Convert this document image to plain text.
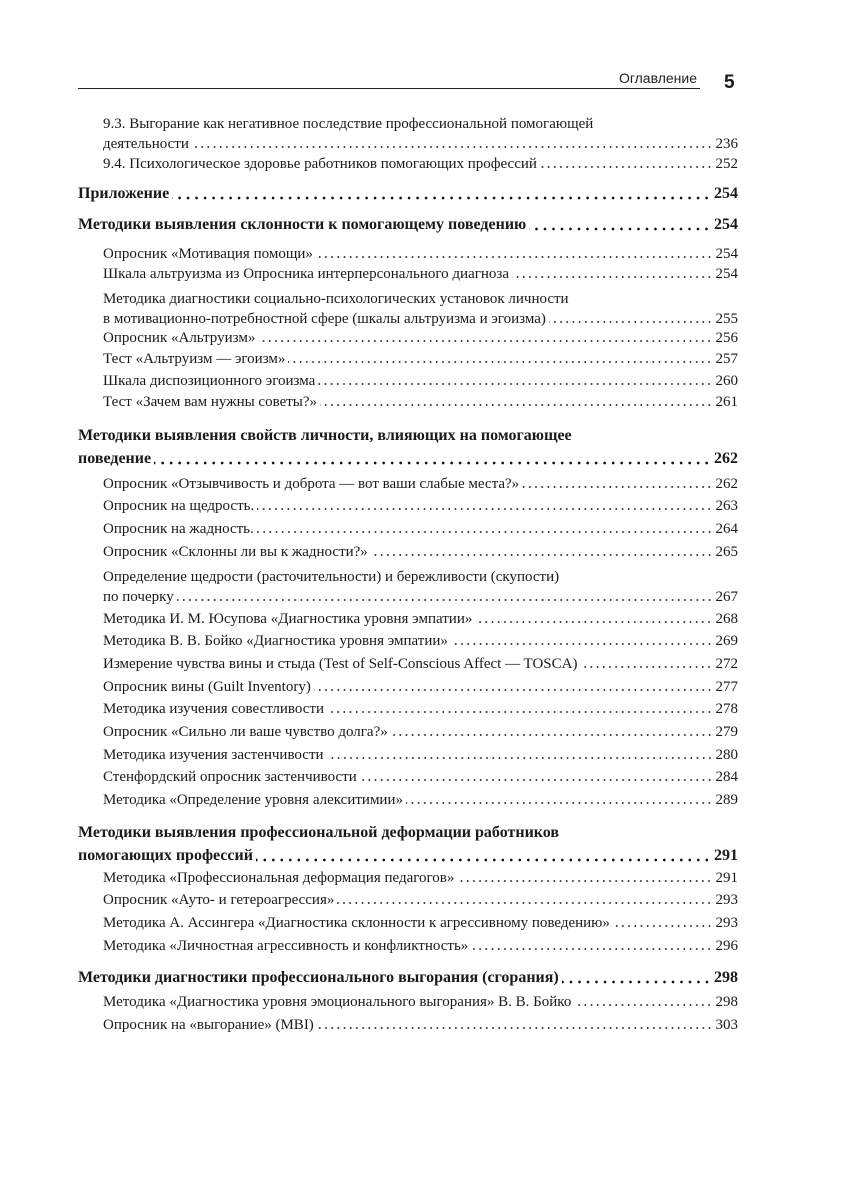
Оглавление 5
9.3. Выгорание как негативное последствие профессиональной помогающей
деятельности	236
9.4. Психологическое здоровье работников помогающих профессий	252
Приложение	254
Методики выявления склонности к помогающему поведению	254
Опросник «Мотивация помощи»	254
Шкала альтруизма из Опросника интерперсонального диагноза	254
Методика диагностики социально-психологических установок личности
в мотивационно-потребностной сфере (шкалы альтруизма и эгоизма)	255
Опросник «Альтруизм»	256
Тест «Альтруизм — эгоизм»	257
Шкала диспозиционного эгоизма	260
Тест «Зачем вам нужны советы?»	261
Методики выявления свойств личности, влияющих на помогающее
поведение	262
Опросник «Отзывчивость и доброта — вот ваши слабые места?»	262
Опросник на щедрость.	263
Опросник на жадность.	264
Опросник «Склонны ли вы к жадности?»	265
Определение щедрости (расточительности) и бережливости (скупости)
по почерку	267
Методика И. М. Юсупова «Диагностика уровня эмпатии»	268
Методика В. В. Бойко «Диагностика уровня эмпатии»	269
Измерение чувства вины и стыда (Test of Self-Conscious Affect — TOSCA)	272
Опросник вины (Guilt Inventory)	277
Методика изучения совестливости	278
Опросник «Сильно ли ваше чувство долга?»	279
Методика изучения застенчивости	280
Стенфордский опросник застенчивости	284
Методика «Определение уровня алекситимии»	289
Методики выявления профессиональной деформации работников
помогающих профессий	291
Методика «Профессиональная деформация педагогов»	291
Опросник «Ауто- и гетероагрессия»	293
Методика А. Ассингера «Диагностика склонности к агрессивному поведению»	293
Методика «Личностная агрессивность и конфликтность»	296
Методики диагностики профессионального выгорания (сгорания)	298
Методика «Диагностика уровня эмоционального выгорания» В. В. Бойко	298
Опросник на «выгорание» (MBI)	303
